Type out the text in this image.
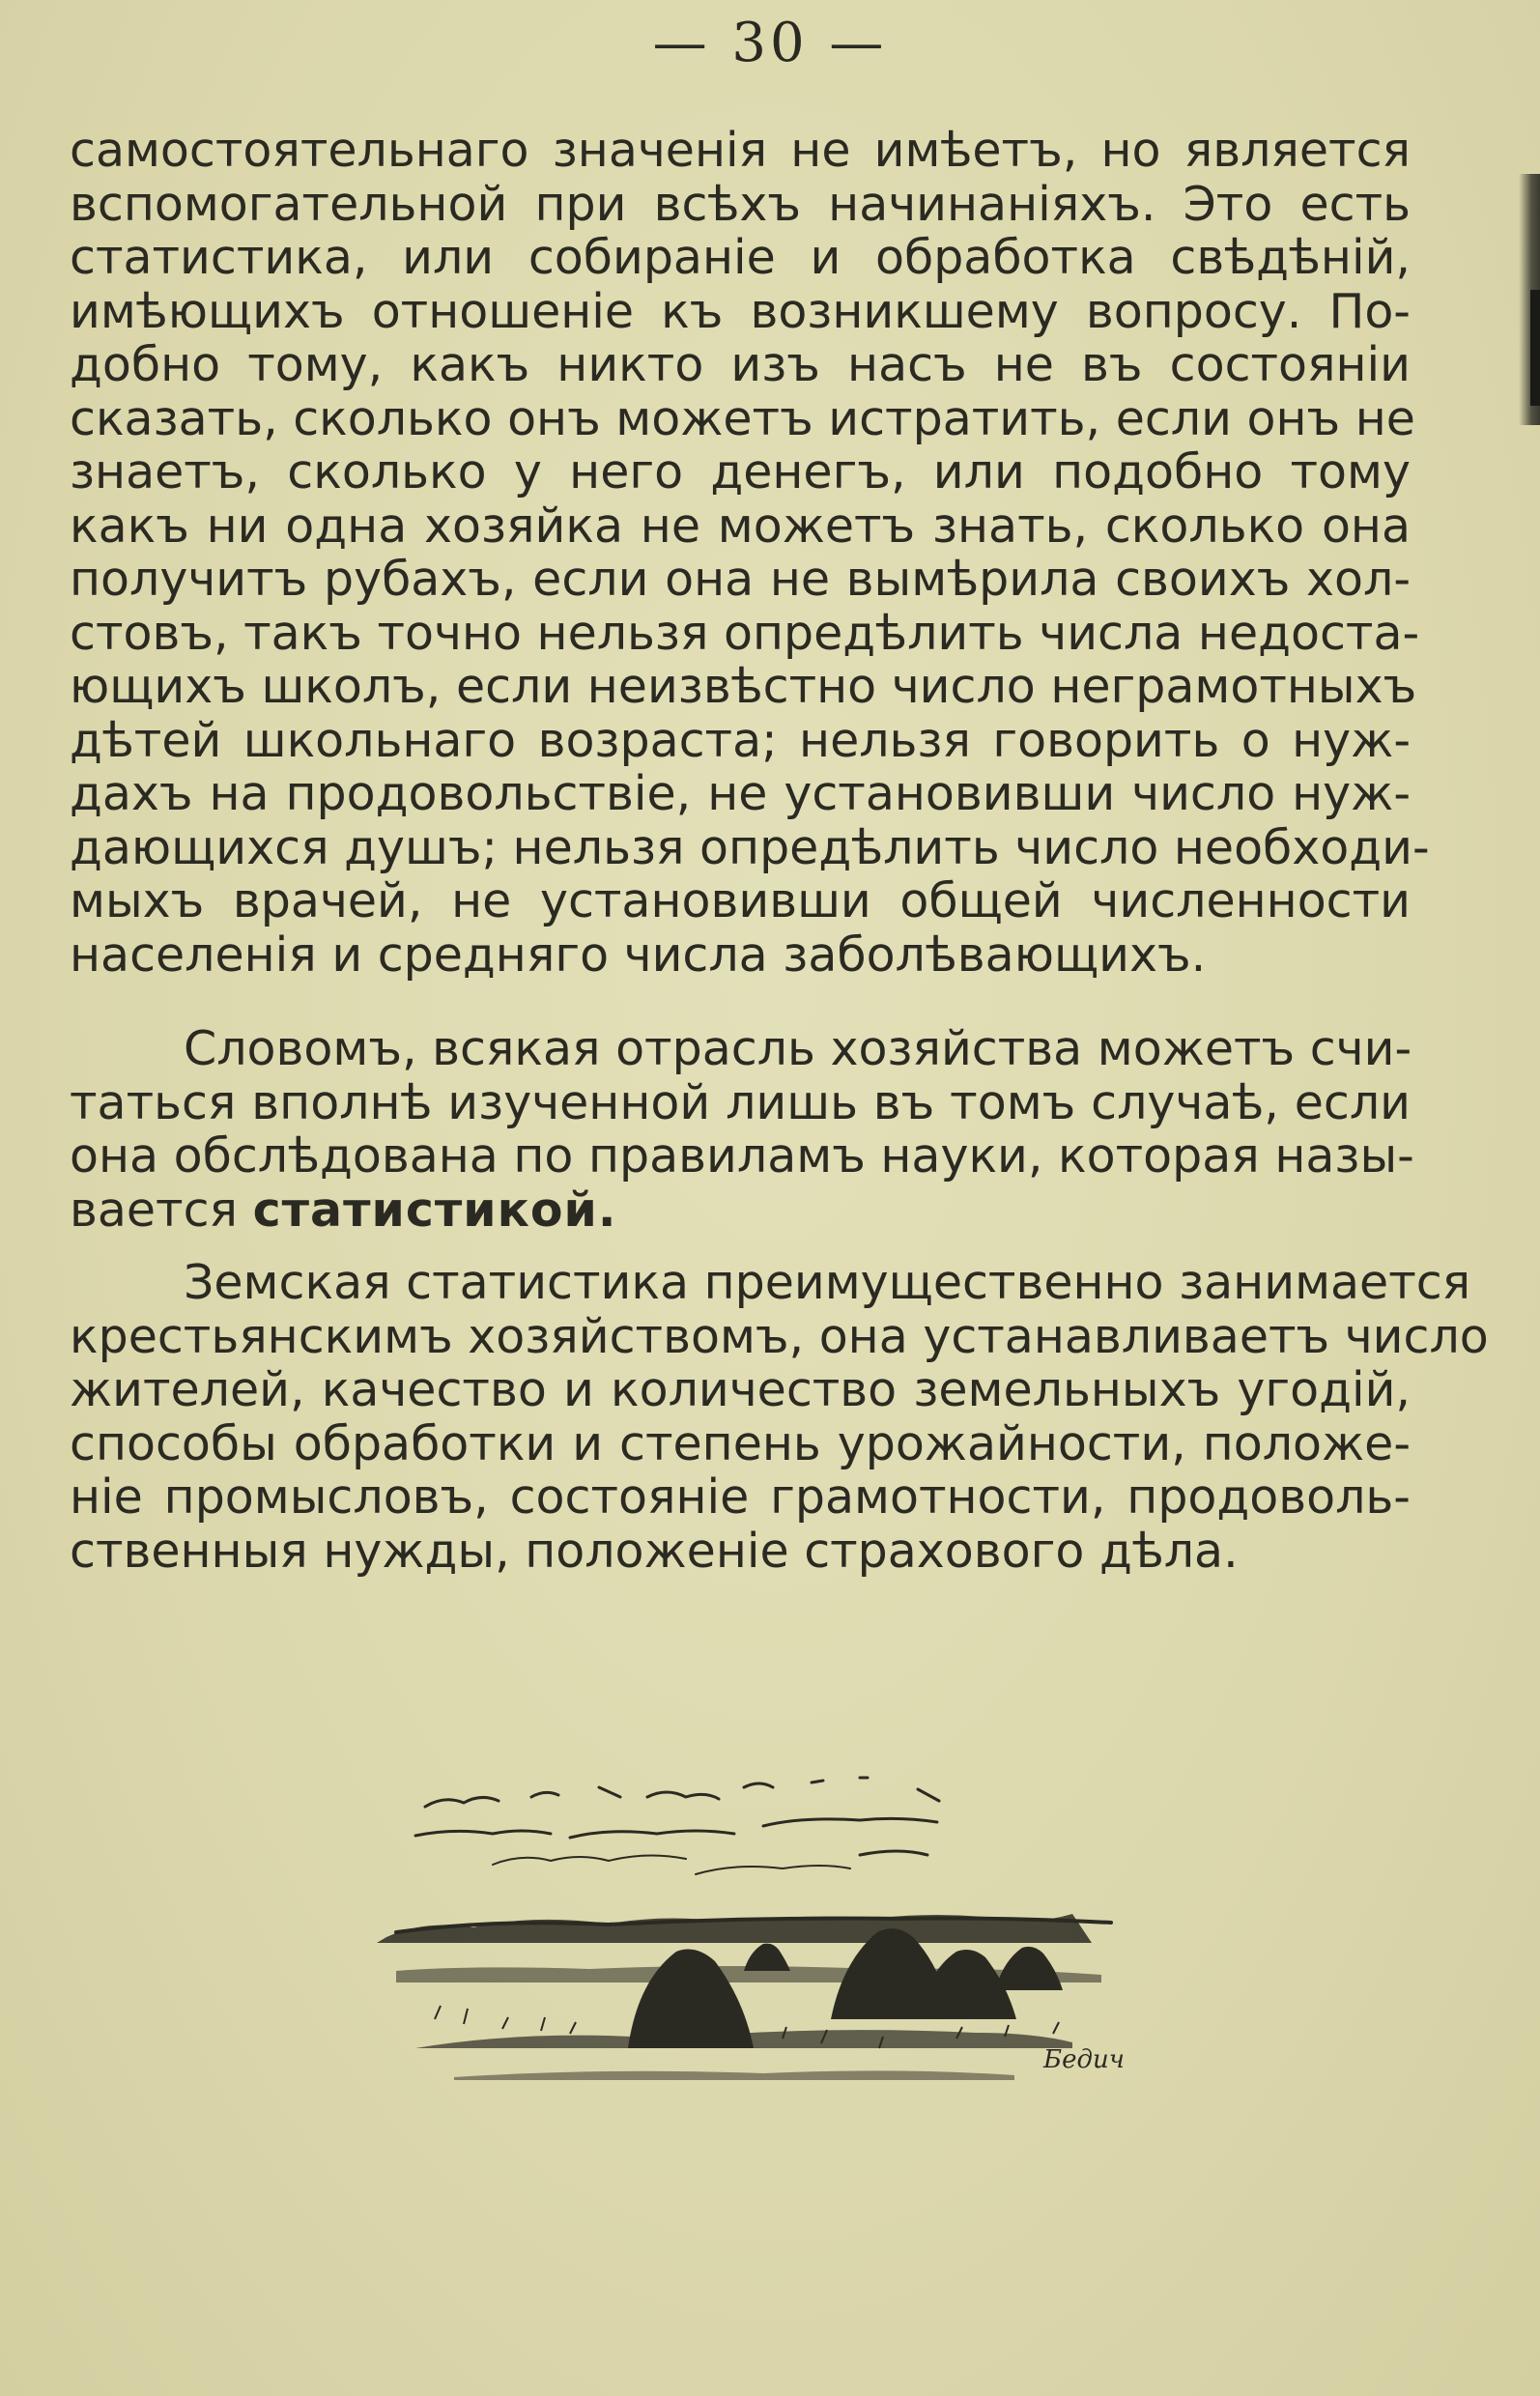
— 30 —
самостоятельнаго значенія не имѣетъ, но является
вспомогательной при всѣхъ начинаніяхъ. Это есть
статистика, или собираніе и обработка свѣдѣній,
имѣющихъ отношеніе къ возникшему вопросу. По-
добно тому, какъ никто изъ насъ не въ состояніи
сказать, сколько онъ можетъ истратить, если онъ не
знаетъ, сколько у него денегъ, или подобно тому
какъ ни одна хозяйка не можетъ знать, сколько она
получитъ рубахъ, если она не вымѣрила своихъ хол-
стовъ, такъ точно нельзя опредѣлить числа недоста-
ющихъ школъ, если неизвѣстно число неграмотныхъ
дѣтей школьнаго возраста; нельзя говорить о нуж-
дахъ на продовольствіе, не установивши число нуж-
дающихся душъ; нельзя опредѣлить число необходи-
мыхъ врачей, не установивши общей численности
населенія и средняго числа заболѣвающихъ.
Словомъ, всякая отрасль хозяйства можетъ счи-
таться вполнѣ изученной лишь въ томъ случаѣ, если
она обслѣдована по правиламъ науки, которая назы-
вается статистикой.
Земская статистика преимущественно занимается
крестьянскимъ хозяйствомъ, она устанавливаетъ число
жителей, качество и количество земельныхъ угодій,
способы обработки и степень урожайности, положе-
ніе промысловъ, состояніе грамотности, продоволь-
ственныя нужды, положеніе страхового дѣла.
Бедич
